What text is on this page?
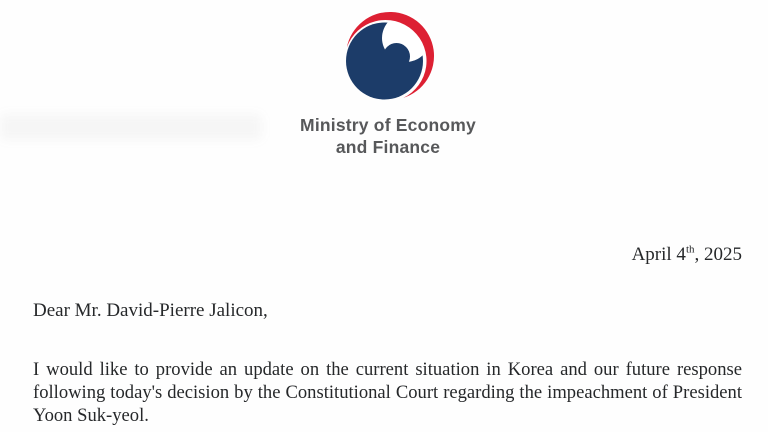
Ministry of Economy
and Finance
April 4th, 2025
Dear Mr. David-Pierre Jalicon,
I would like to provide an update on the current situation in Korea and our future response
following today's decision by the Constitutional Court regarding the impeachment of President
Yoon Suk-yeol.
